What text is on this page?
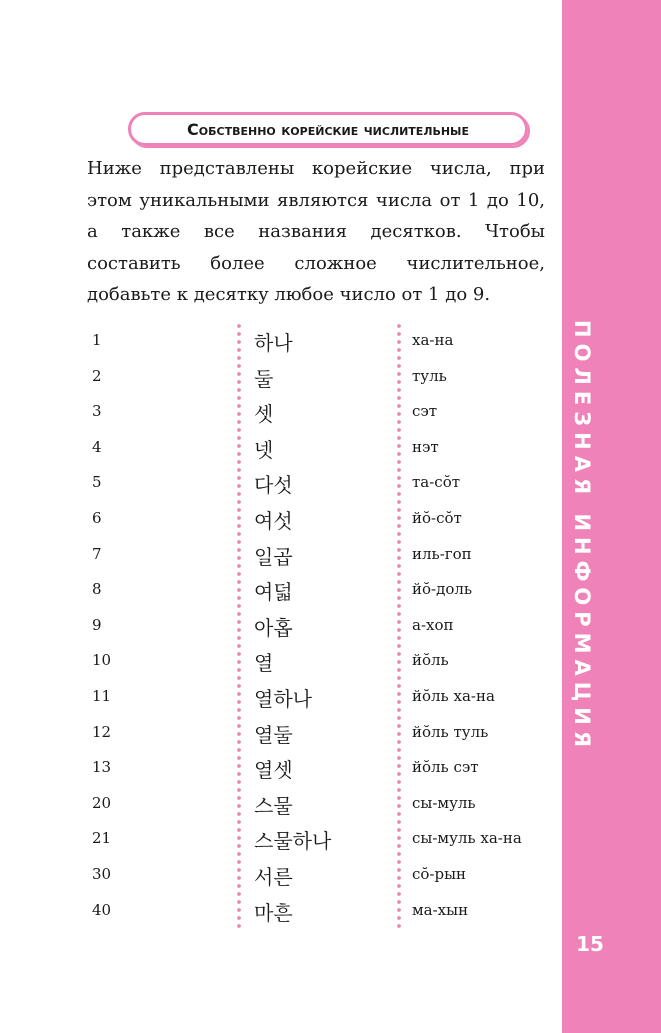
ПОЛЕЗНАЯ ИНФОРМАЦИЯ
15
Собственно корейские числительные

Ниже представлены корейские числа, при этом уникальными являются числа от 1 до 10, а также все названия десятков. Чтобы составить более сложное числительное, добавьте к десятку любое число от 1 до 9.

1	하나	ха-на
2	둘	туль
3	셋	сэт
4	넷	нэт
5	다섯	та-сŏт
6	여섯	йŏ-сŏт
7	일곱	иль-гоп
8	여덟	йŏ-доль
9	아홉	а-хоп
10	열	йŏль
11	열하나	йŏль ха-на
12	열둘	йŏль туль
13	열셋	йŏль сэт
20	스물	сы-муль
21	스물하나	сы-муль ха-на
30	서른	сŏ-рын
40	마흔	ма-хын
